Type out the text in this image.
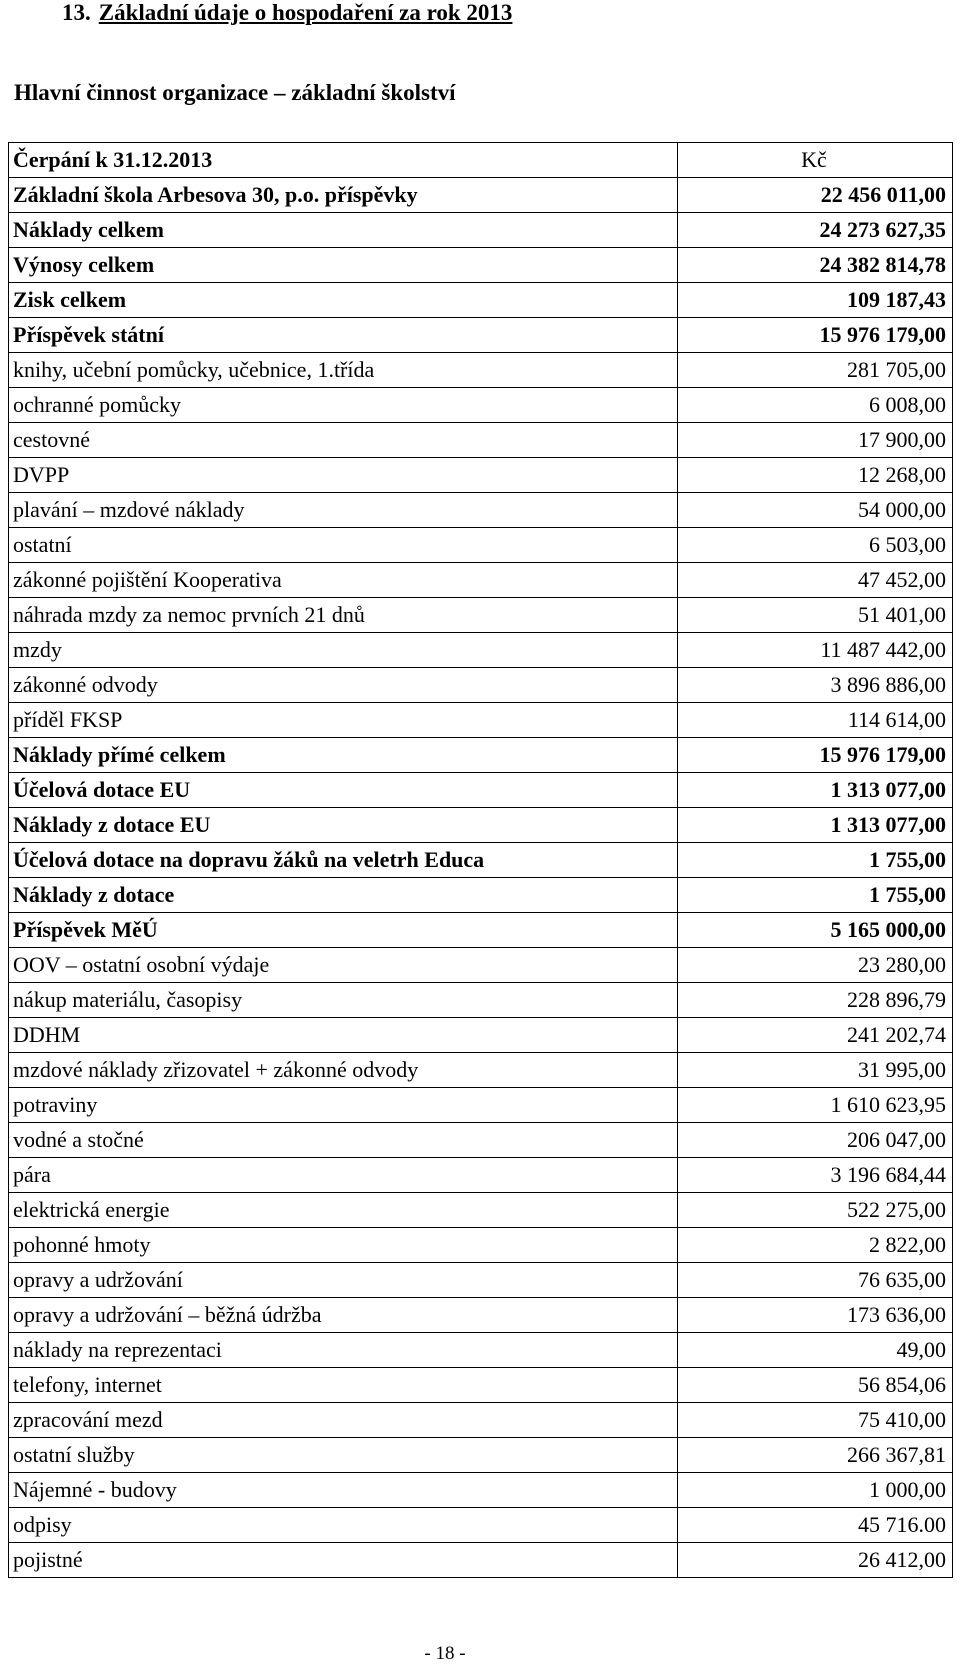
13. Základní údaje o hospodaření za rok 2013
Hlavní činnost organizace – základní školství
Čerpání k 31.12.2013	Kč
Základní škola Arbesova 30, p.o. příspěvky	22 456 011,00
Náklady celkem	24 273 627,35
Výnosy celkem	24 382 814,78
Zisk celkem	109 187,43
Příspěvek státní	15 976 179,00
knihy, učební pomůcky, učebnice, 1.třída	281 705,00
ochranné pomůcky	6 008,00
cestovné	17 900,00
DVPP	12 268,00
plavání – mzdové náklady	54 000,00
ostatní	6 503,00
zákonné pojištění Kooperativa	47 452,00
náhrada mzdy za nemoc prvních 21 dnů	51 401,00
mzdy	11 487 442,00
zákonné odvody	3 896 886,00
příděl FKSP	114 614,00
Náklady přímé celkem	15 976 179,00
Účelová dotace EU	1 313 077,00
Náklady z dotace EU	1 313 077,00
Účelová dotace na dopravu žáků na veletrh Educa	1 755,00
Náklady z dotace	1 755,00
Příspěvek MěÚ	5 165 000,00
OOV – ostatní osobní výdaje	23 280,00
nákup materiálu, časopisy	228 896,79
DDHM	241 202,74
mzdové náklady zřizovatel + zákonné odvody	31 995,00
potraviny	1 610 623,95
vodné a stočné	206 047,00
pára	3 196 684,44
elektrická energie	522 275,00
pohonné hmoty	2 822,00
opravy a udržování	76 635,00
opravy a udržování – běžná údržba	173 636,00
náklady na reprezentaci	49,00
telefony, internet	56 854,06
zpracování mezd	75 410,00
ostatní služby	266 367,81
Nájemné - budovy	1 000,00
odpisy	45 716.00
pojistné	26 412,00
- 18 -
